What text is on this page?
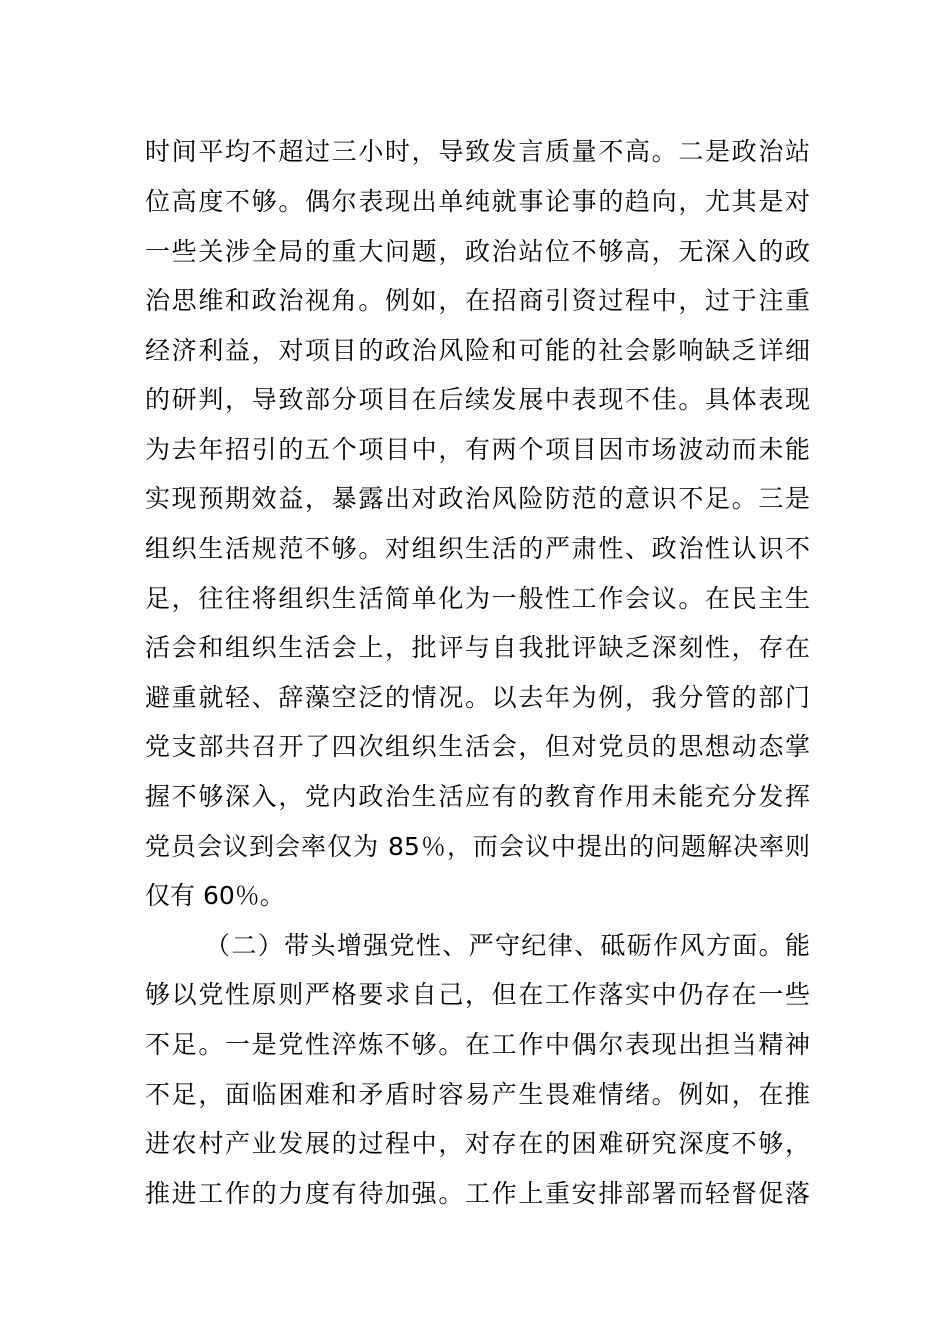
时间平均不超过三小时，导致发言质量不高。二是政治站
位高度不够。偶尔表现出单纯就事论事的趋向，尤其是对
一些关涉全局的重大问题，政治站位不够高，无深入的政
治思维和政治视角。例如，在招商引资过程中，过于注重
经济利益，对项目的政治风险和可能的社会影响缺乏详细
的研判，导致部分项目在后续发展中表现不佳。具体表现
为去年招引的五个项目中，有两个项目因市场波动而未能
实现预期效益，暴露出对政治风险防范的意识不足。三是
组织生活规范不够。对组织生活的严肃性、政治性认识不
足，往往将组织生活简单化为一般性工作会议。在民主生
活会和组织生活会上，批评与自我批评缺乏深刻性，存在
避重就轻、辞藻空泛的情况。以去年为例，我分管的部门
党支部共召开了四次组织生活会，但对党员的思想动态掌
握不够深入，党内政治生活应有的教育作用未能充分发挥
党员会议到会率仅为 85％，而会议中提出的问题解决率则
仅有 60％。
（二）带头增强党性、严守纪律、砥砺作风方面。能
够以党性原则严格要求自己，但在工作落实中仍存在一些
不足。一是党性淬炼不够。在工作中偶尔表现出担当精神
不足，面临困难和矛盾时容易产生畏难情绪。例如，在推
进农村产业发展的过程中，对存在的困难研究深度不够，
推进工作的力度有待加强。工作上重安排部署而轻督促落
